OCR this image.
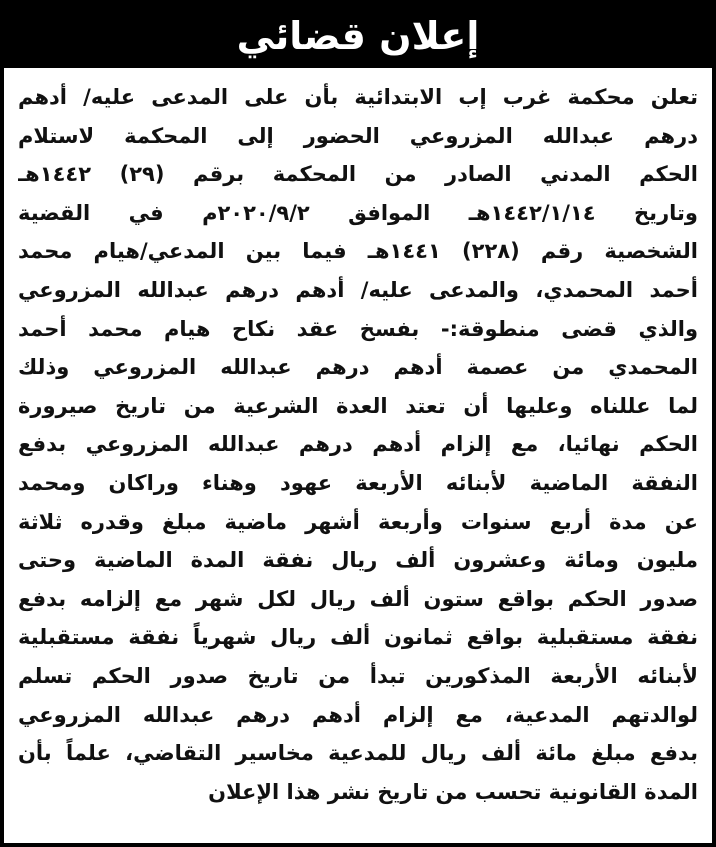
إعلان قضائي
تعلن محكمة غرب إب الابتدائية بأن على المدعى عليه/ أدهم
درهم عبدالله المزروعي الحضور إلى المحكمة لاستلام
الحكم المدني الصادر من المحكمة برقم (٢٩) ١٤٤٢هـ
وتاريخ ١٤٤٢/١/١٤هـ الموافق ٢٠٢٠/٩/٢م في القضية
الشخصية رقم (٢٢٨) ١٤٤١هـ فيما بين المدعي/هيام محمد
أحمد المحمدي، والمدعى عليه/ أدهم درهم عبدالله المزروعي
والذي قضى منطوقة:- بفسخ عقد نكاح هيام محمد أحمد
المحمدي من عصمة أدهم درهم عبدالله المزروعي وذلك
لما عللناه وعليها أن تعتد العدة الشرعية من تاريخ صيرورة
الحكم نهائيا، مع إلزام أدهم درهم عبدالله المزروعي بدفع
النفقة الماضية لأبنائه الأربعة عهود وهناء وراكان ومحمد
عن مدة أربع سنوات وأربعة أشهر ماضية مبلغ وقدره ثلاثة
مليون ومائة وعشرون ألف ريال نفقة المدة الماضية وحتى
صدور الحكم بواقع ستون ألف ريال لكل شهر مع إلزامه بدفع
نفقة مستقبلية بواقع ثمانون ألف ريال شهرياً نفقة مستقبلية
لأبنائه الأربعة المذكورين تبدأ من تاريخ صدور الحكم تسلم
لوالدتهم المدعية، مع إلزام أدهم درهم عبدالله المزروعي
بدفع مبلغ مائة ألف ريال للمدعية مخاسير التقاضي، علماً بأن
المدة القانونية تحسب من تاريخ نشر هذا الإعلان
